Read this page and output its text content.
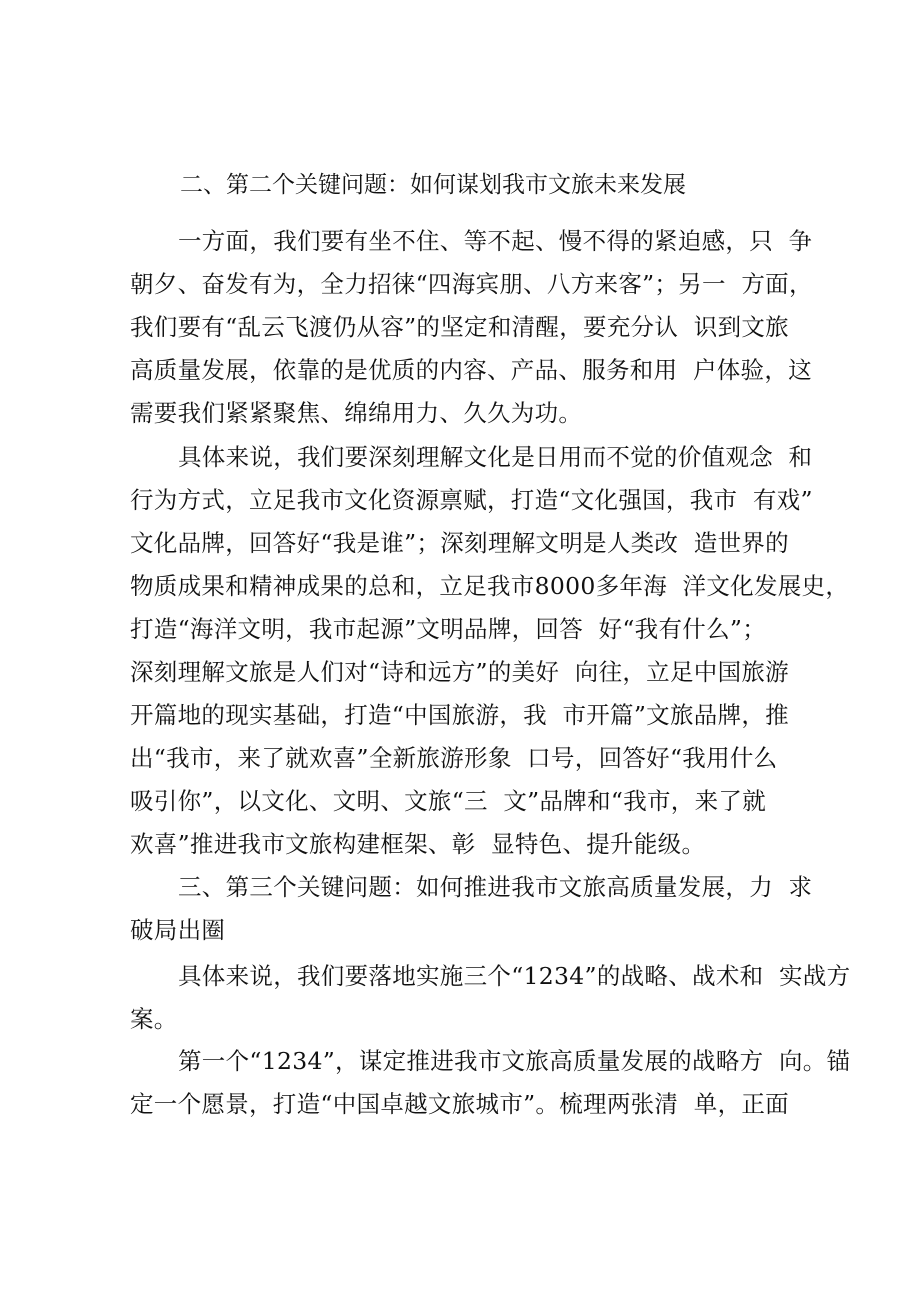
二、第二个关键问题：如何谋划我市文旅未来发展
一方面，我们要有坐不住、等不起、慢不得的紧迫感，只  争
朝夕、奋发有为，全力招徕“四海宾朋、八方来客”；另一  方面，
我们要有“乱云飞渡仍从容”的坚定和清醒，要充分认  识到文旅
高质量发展，依靠的是优质的内容、产品、服务和用  户体验，这
需要我们紧紧聚焦、绵绵用力、久久为功。
具体来说，我们要深刻理解文化是日用而不觉的价值观念  和
行为方式，立足我市文化资源禀赋，打造“文化强国，我市  有戏”
文化品牌，回答好“我是谁”；深刻理解文明是人类改  造世界的
物质成果和精神成果的总和，立足我市8000多年海  洋文化发展史，
打造“海洋文明，我市起源”文明品牌，回答  好“我有什么”；
深刻理解文旅是人们对“诗和远方”的美好  向往，立足中国旅游
开篇地的现实基础，打造“中国旅游，我  市开篇”文旅品牌，推
出“我市，来了就欢喜”全新旅游形象  口号，回答好“我用什么
吸引你”，以文化、文明、文旅“三  文”品牌和“我市，来了就
欢喜”推进我市文旅构建框架、彰  显特色、提升能级。
三、第三个关键问题：如何推进我市文旅高质量发展，力  求
破局出圈
具体来说，我们要落地实施三个“1234”的战略、战术和  实战方
案。
第一个“1234”，谋定推进我市文旅高质量发展的战略方  向。锚
定一个愿景，打造“中国卓越文旅城市”。梳理两张清  单，正面
